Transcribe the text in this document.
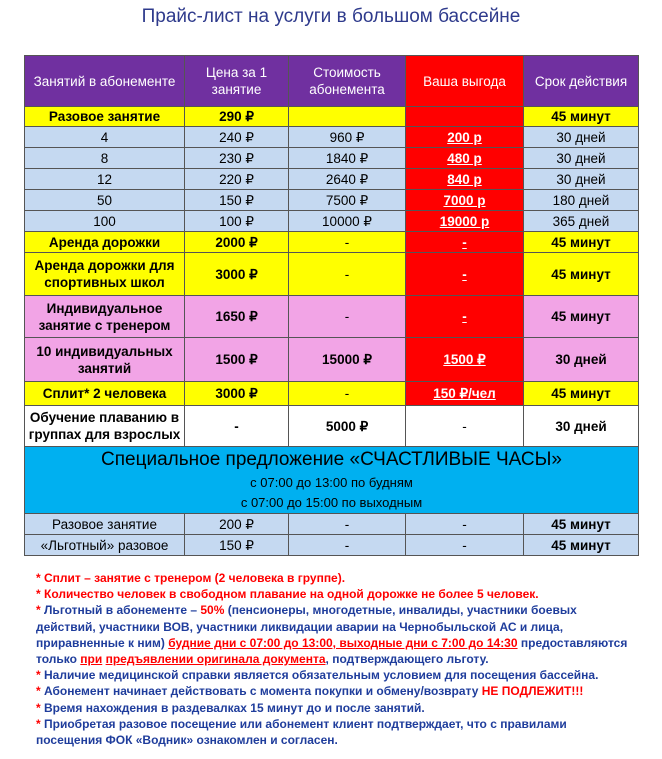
Прайс-лист на услуги в большом бассейне
Занятий в абонементе	Цена за 1 занятие	Стоимость абонемента	Ваша выгода	Срок действия
Разовое занятие	290 ₽			45 минут
4	240 ₽	960 ₽	200 р	30 дней
8	230 ₽	1840 ₽	480 р	30 дней
12	220 ₽	2640 ₽	840 р	30 дней
50	150 ₽	7500 ₽	7000 р	180 дней
100	100 ₽	10000 ₽	19000 р	365 дней
Аренда дорожки	2000 ₽	-	-	45 минут
Аренда дорожки для спортивных школ	3000 ₽	-	-	45 минут
Индивидуальное занятие с тренером	1650 ₽	-	-	45 минут
10 индивидуальных занятий	1500 ₽	15000 ₽	1500 ₽	30 дней
Сплит* 2 человека	3000 ₽	-	150 ₽/чел	45 минут
Обучение плаванию в группах для взрослых	-	5000 ₽	-	30 дней

Специальное предложение «СЧАСТЛИВЫЕ ЧАСЫ»
с 07:00 до 13:00 по будням
с 07:00 до 15:00 по выходным				

Разовое занятие	200 ₽	-	-	45 минут
«Льготный» разовое	150 ₽	-	-	45 минут

* Сплит – занятие с тренером (2 человека в группе).

* Количество человек в свободном плавание на одной дорожке не более 5 человек.

* Льготный в абонементе – 50% (пенсионеры, многодетные, инвалиды, участники боевых действий, участники ВОВ, участники ликвидации аварии на Чернобыльской АС и лица, приравненные к ним) будние дни с 07:00 до 13:00, выходные дни с 7:00 до 14:30 предоставляются только при предъявлении оригинала документа, подтверждающего льготу.

* Наличие медицинской справки является обязательным условием для посещения бассейна.

* Абонемент начинает действовать с момента покупки и обмену/возврату НЕ ПОДЛЕЖИТ!!!

* Время нахождения в раздевалках 15 минут до и после занятий.

* Приобретая разовое посещение или абонемент клиент подтверждает, что с правилами посещения ФОК «Водник» ознакомлен и согласен.
